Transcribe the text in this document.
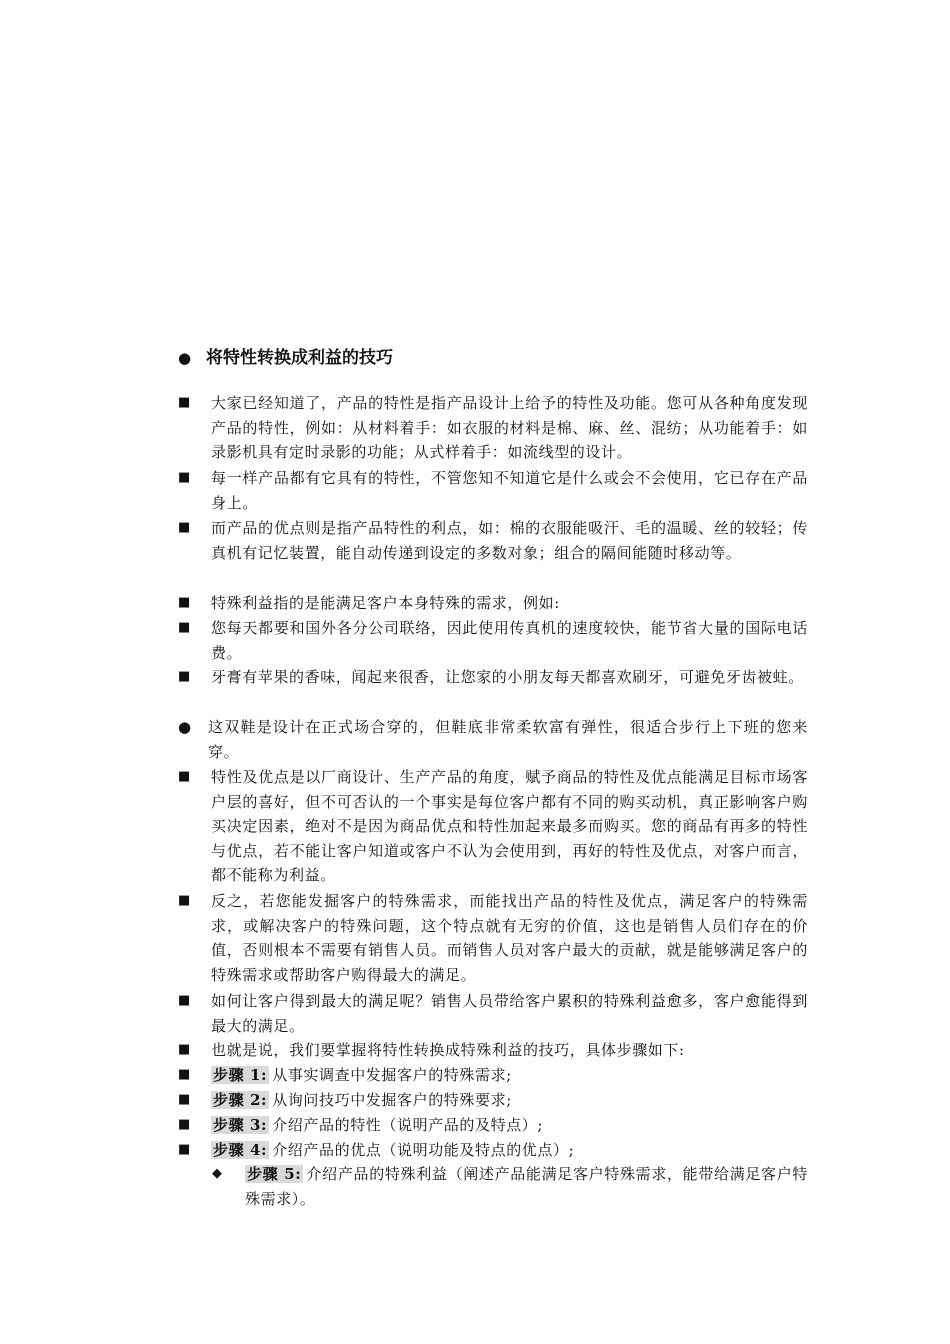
● 将特性转换成利益的技巧
■	大家已经知道了，产品的特性是指产品设计上给予的特性及功能。您可从各种角度发现产品的特性，例如：从材料着手：如衣服的材料是棉、麻、丝、混纺；从功能着手：如录影机具有定时录影的功能；从式样着手：如流线型的设计。
■	每一样产品都有它具有的特性，不管您知不知道它是什么或会不会使用，它已存在产品身上。
■	而产品的优点则是指产品特性的利点，如：棉的衣服能吸汗、毛的温暖、丝的较轻；传真机有记忆装置，能自动传递到设定的多数对象；组合的隔间能随时移动等。
■	特殊利益指的是能满足客户本身特殊的需求，例如:
■	您每天都要和国外各分公司联络，因此使用传真机的速度较快，能节省大量的国际电话费。
■	牙膏有苹果的香味，闻起来很香，让您家的小朋友每天都喜欢刷牙，可避免牙齿被蛀。
●	这双鞋是设计在正式场合穿的，但鞋底非常柔软富有弹性，很适合步行上下班的您来穿。
■	特性及优点是以厂商设计、生产产品的角度，赋予商品的特性及优点能满足目标市场客户层的喜好，但不可否认的一个事实是每位客户都有不同的购买动机，真正影响客户购买决定因素，绝对不是因为商品优点和特性加起来最多而购买。您的商品有再多的特性与优点，若不能让客户知道或客户不认为会使用到，再好的特性及优点，对客户而言，都不能称为利益。
■	反之，若您能发掘客户的特殊需求，而能找出产品的特性及优点，满足客户的特殊需求，或解决客户的特殊问题，这个特点就有无穷的价值，这也是销售人员们存在的价值，否则根本不需要有销售人员。而销售人员对客户最大的贡献，就是能够满足客户的特殊需求或帮助客户购得最大的满足。
■	如何让客户得到最大的满足呢？销售人员带给客户累积的特殊利益愈多，客户愈能得到最大的满足。
■	也就是说，我们要掌握将特性转换成特殊利益的技巧，具体步骤如下:
■	步骤 1: 从事实调查中发掘客户的特殊需求;
■	步骤 2: 从询问技巧中发掘客户的特殊要求;
■	步骤 3: 介绍产品的特性（说明产品的及特点）;
■	步骤 4: 介绍产品的优点（说明功能及特点的优点）;
◆	步骤 5: 介绍产品的特殊利益（阐述产品能满足客户特殊需求，能带给满足客户特殊需求）。
